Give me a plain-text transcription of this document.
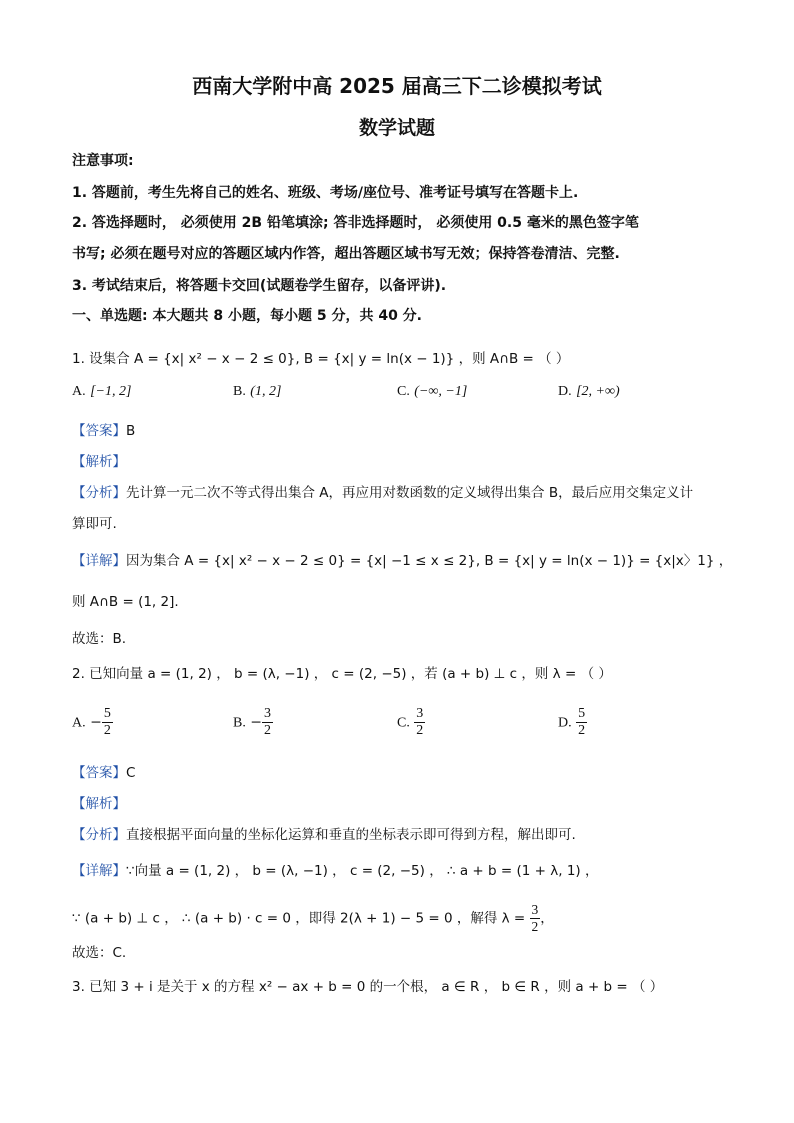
西南大学附中高 2025 届高三下二诊模拟考试
数学试题
注意事项:
1. 答题前，考生先将自己的姓名、班级、考场/座位号、准考证号填写在答题卡上.
2. 答选择题时， 必须使用 2B 铅笔填涂; 答非选择题时， 必须使用 0.5 毫米的黑色签字笔
书写; 必须在题号对应的答题区域内作答，超出答题区域书写无效；保持答卷清洁、完整.
3. 考试结束后，将答题卡交回(试题卷学生留存，以备评讲).
一、单选题: 本大题共 8 小题，每小题 5 分，共 40 分.
1. 设集合 A = {x| x² − x − 2 ≤ 0}, B = {x| y = ln(x − 1)} ，则 A∩B = （ ）
A. [−1, 2]	B. (1, 2]	C. (−∞, −1]	D. [2, +∞)
【答案】B
【解析】
【分析】先计算一元二次不等式得出集合 A，再应用对数函数的定义域得出集合 B，最后应用交集定义计
算即可.
【详解】因为集合 A = {x| x² − x − 2 ≤ 0} = {x| −1 ≤ x ≤ 2}, B = {x| y = ln(x − 1)} = {x|x〉1} ，
则 A∩B = (1, 2].
故选：B.
2. 已知向量 a = (1, 2) ， b = (λ, −1) ， c = (2, −5) ，若 (a + b) ⊥ c ，则 λ = （ ）
A. − $\frac{5}{2}$	B. − $\frac{3}{2}$	C. $\frac{3}{2}$	D. $\frac{5}{2}$
【答案】C
【解析】
【分析】直接根据平面向量的坐标化运算和垂直的坐标表示即可得到方程，解出即可.
【详解】∵向量 a = (1, 2) ， b = (λ, −1) ， c = (2, −5) ， ∴ a + b = (1 + λ, 1) ，
∵ (a + b) ⊥ c ， ∴ (a + b) · c = 0 ，即得 2(λ + 1) − 5 = 0 ，解得 $\lambda = \frac{3}{2}$ ，
故选：C.
3. 已知 3 + i 是关于 x 的方程 x² − ax + b = 0 的一个根， a ∈ R ， b ∈ R ，则 a + b = （ ）
